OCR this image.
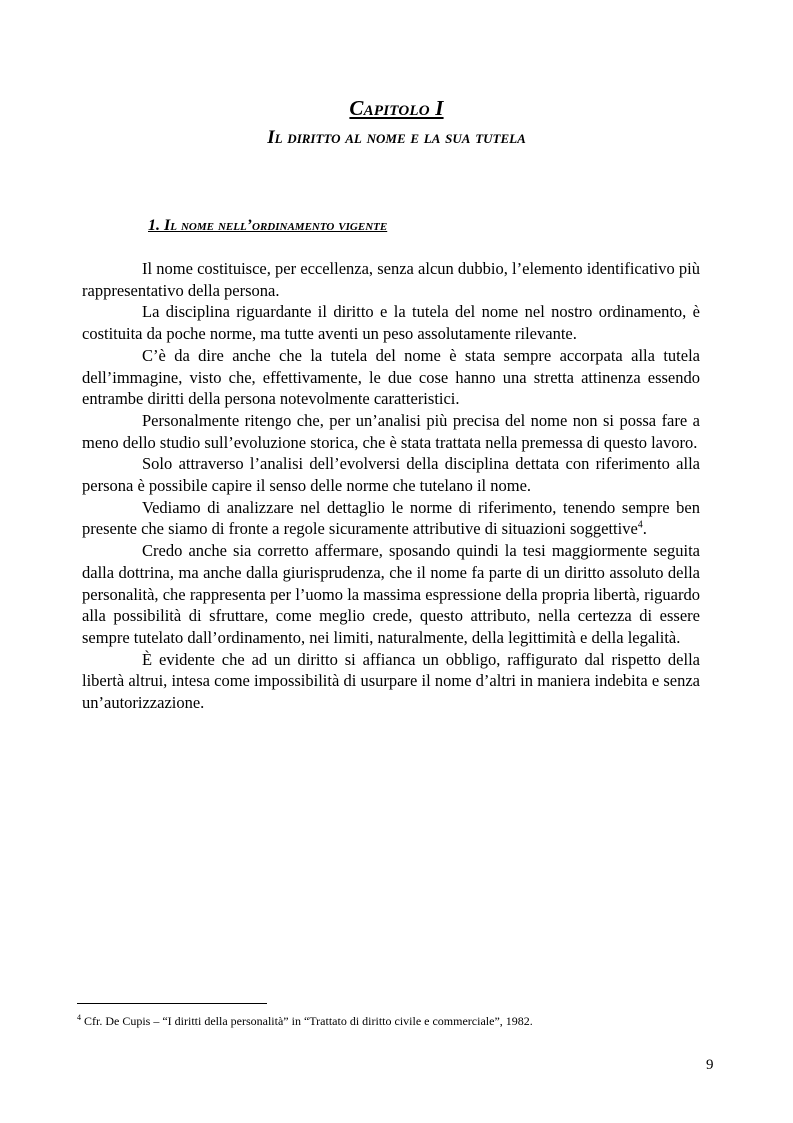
Capitolo I
Il diritto al nome e la sua tutela
1. Il nome nell’ordinamento vigente

Il nome costituisce, per eccellenza, senza alcun dubbio, l’elemento identificativo più rappresentativo della persona.

La disciplina riguardante il diritto e la tutela del nome nel nostro ordinamento, è costituita da poche norme, ma tutte aventi un peso assolutamente rilevante.

C’è da dire anche che la tutela del nome è stata sempre accorpata alla tutela dell’immagine, visto che, effettivamente, le due cose hanno una stretta attinenza essendo entrambe diritti della persona notevolmente caratteristici.

Personalmente ritengo che, per un’analisi più precisa del nome non si possa fare a meno dello studio sull’evoluzione storica, che è stata trattata nella premessa di questo lavoro.

Solo attraverso l’analisi dell’evolversi della disciplina dettata con riferimento alla persona è possibile capire il senso delle norme che tutelano il nome.

Vediamo di analizzare nel dettaglio le norme di riferimento, tenendo sempre ben presente che siamo di fronte a regole sicuramente attributive di situazioni soggettive$^4$.

Credo anche sia corretto affermare, sposando quindi la tesi maggiormente seguita dalla dottrina, ma anche dalla giurisprudenza, che il nome fa parte di un diritto assoluto della personalità, che rappresenta per l’uomo la massima espressione della propria libertà, riguardo alla possibilità di sfruttare, come meglio crede, questo attributo, nella certezza di essere sempre tutelato dall’ordinamento, nei limiti, naturalmente, della legittimità e della legalità.

È evidente che ad un diritto si affianca un obbligo, raffigurato dal rispetto della libertà altrui, intesa come impossibilità di usurpare il nome d’altri in maniera indebita e senza un’autorizzazione.

$^4$ Cfr. De Cupis – “I diritti della personalità” in “Trattato di diritto civile e commerciale”, 1982.
9
